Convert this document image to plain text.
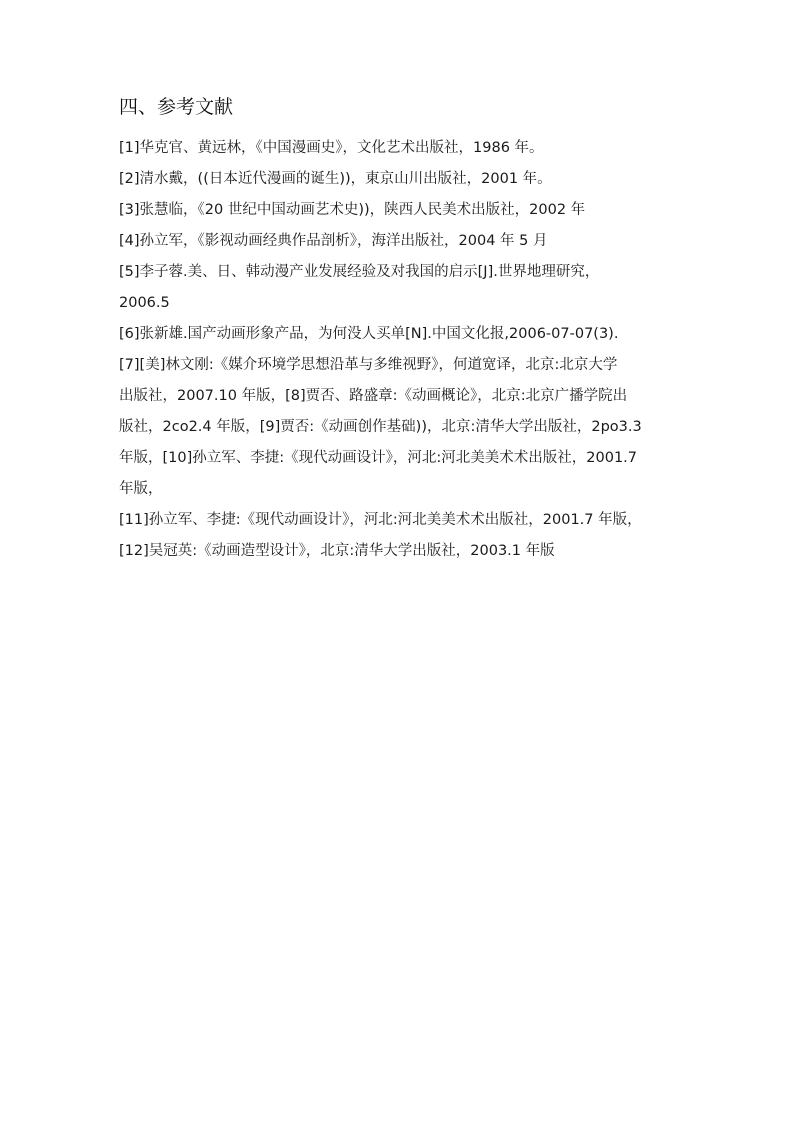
四、参考文献
[1]华克官、黄远林，《中国漫画史》，文化艺术出版社，1986 年。
[2]清水戴，((日本近代漫画的诞生))，東京山川出版社，2001 年。
[3]张慧临，《20 世纪中国动画艺术史))，陕西人民美术出版社，2002 年
[4]孙立军，《影视动画经典作品剖析》，海洋出版社，2004 年 5 月
[5]李子蓉.美、日、韩动漫产业发展经验及对我国的启示[J].世界地理研究，
2006.5
[6]张新雄.国产动画形象产品，为何没人买单[N].中国文化报,2006-07-07(3).
[7][美]林文刚:《媒介环境学思想沿革与多维视野》，何道宽译，北京:北京大学
出版社，2007.10 年版，[8]贾否、路盛章:《动画概论》，北京:北京广播学院出
版社，2co2.4 年版，[9]贾否:《动画创作基础))，北京:清华大学出版社，2po3.3
年版，[10]孙立军、李捷:《现代动画设计》，河北:河北美美术术出版社，2001.7
年版，
[11]孙立军、李捷:《现代动画设计》，河北:河北美美术术出版社，2001.7 年版，
[12]吴冠英:《动画造型设计》，北京:清华大学出版社，2003.1 年版
